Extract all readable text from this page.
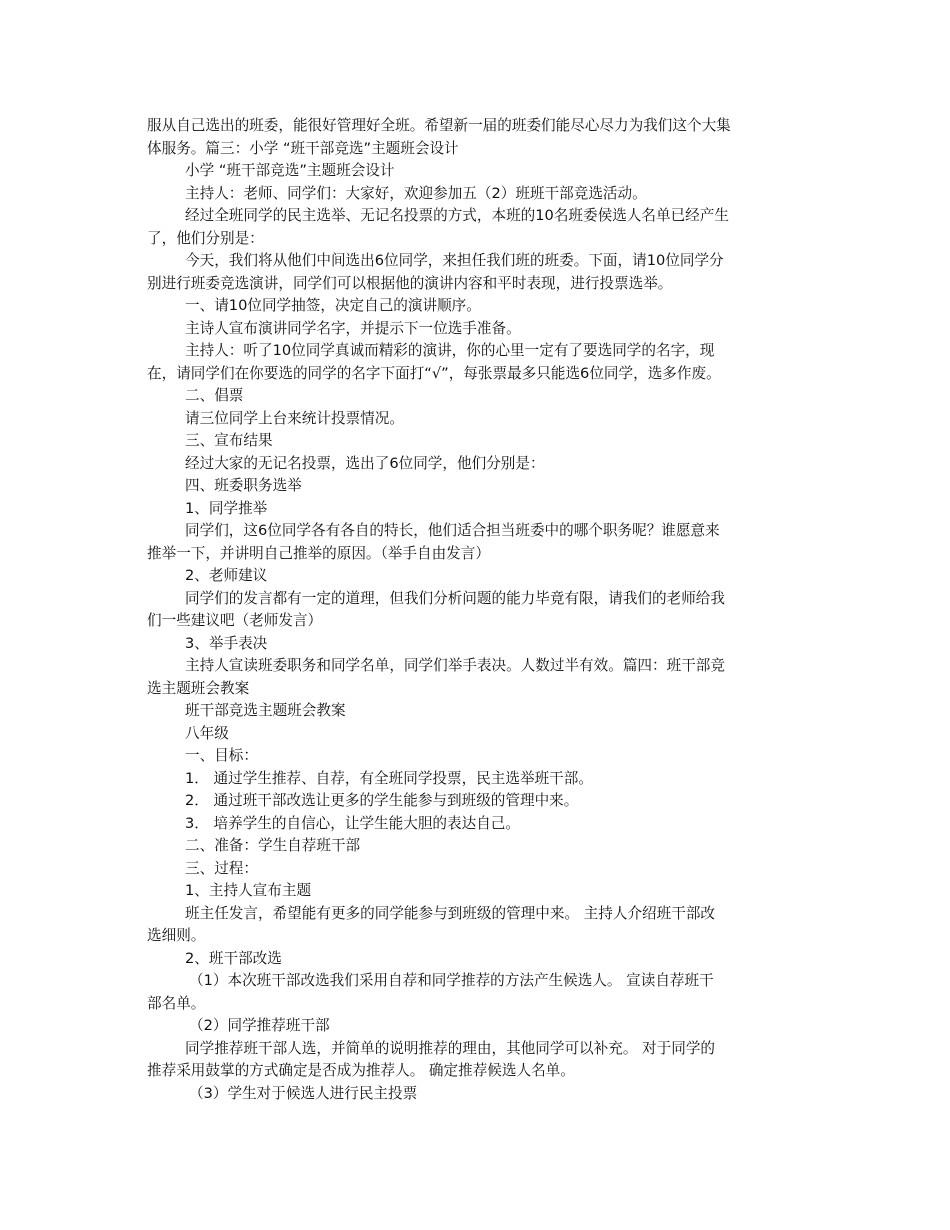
服从自己选出的班委，能很好管理好全班。希望新一届的班委们能尽心尽力为我们这个大集
体服务。篇三：小学 “班干部竞选”主题班会设计
小学 “班干部竞选”主题班会设计
主持人：老师、同学们：大家好，欢迎参加五（2）班班干部竞选活动。
经过全班同学的民主选举、无记名投票的方式，本班的10名班委侯选人名单已经产生
了，他们分别是：
今天，我们将从他们中间选出6位同学，来担任我们班的班委。下面，请10位同学分
别进行班委竞选演讲，同学们可以根据他的演讲内容和平时表现，进行投票选举。
一、请10位同学抽签，决定自己的演讲顺序。
主诗人宣布演讲同学名字，并提示下一位选手准备。
主持人：听了10位同学真诚而精彩的演讲，你的心里一定有了要选同学的名字，现
在，请同学们在你要选的同学的名字下面打“√”，每张票最多只能选6位同学，选多作废。
二、倡票
请三位同学上台来统计投票情况。
三、宣布结果
经过大家的无记名投票，选出了6位同学，他们分别是：
四、班委职务选举
1、同学推举
同学们，这6位同学各有各自的特长，他们适合担当班委中的哪个职务呢？谁愿意来
推举一下，并讲明自己推举的原因。（举手自由发言）
2、老师建议
同学们的发言都有一定的道理，但我们分析问题的能力毕竟有限，请我们的老师给我
们一些建议吧（老师发言）
3、举手表决
主持人宣读班委职务和同学名单，同学们举手表决。人数过半有效。篇四：班干部竞
选主题班会教案
班干部竞选主题班会教案
八年级
一、目标：
1． 通过学生推荐、自荐，有全班同学投票，民主选举班干部。
2． 通过班干部改选让更多的学生能参与到班级的管理中来。
3． 培养学生的自信心，让学生能大胆的表达自己。
二、准备：学生自荐班干部
三、过程：
1、主持人宣布主题
班主任发言，希望能有更多的同学能参与到班级的管理中来。 主持人介绍班干部改
选细则。
2、班干部改选
（1）本次班干部改选我们采用自荐和同学推荐的方法产生候选人。 宣读自荐班干
部名单。
（2）同学推荐班干部
同学推荐班干部人选，并简单的说明推荐的理由，其他同学可以补充。 对于同学的
推荐采用鼓掌的方式确定是否成为推荐人。 确定推荐候选人名单。
（3）学生对于候选人进行民主投票
